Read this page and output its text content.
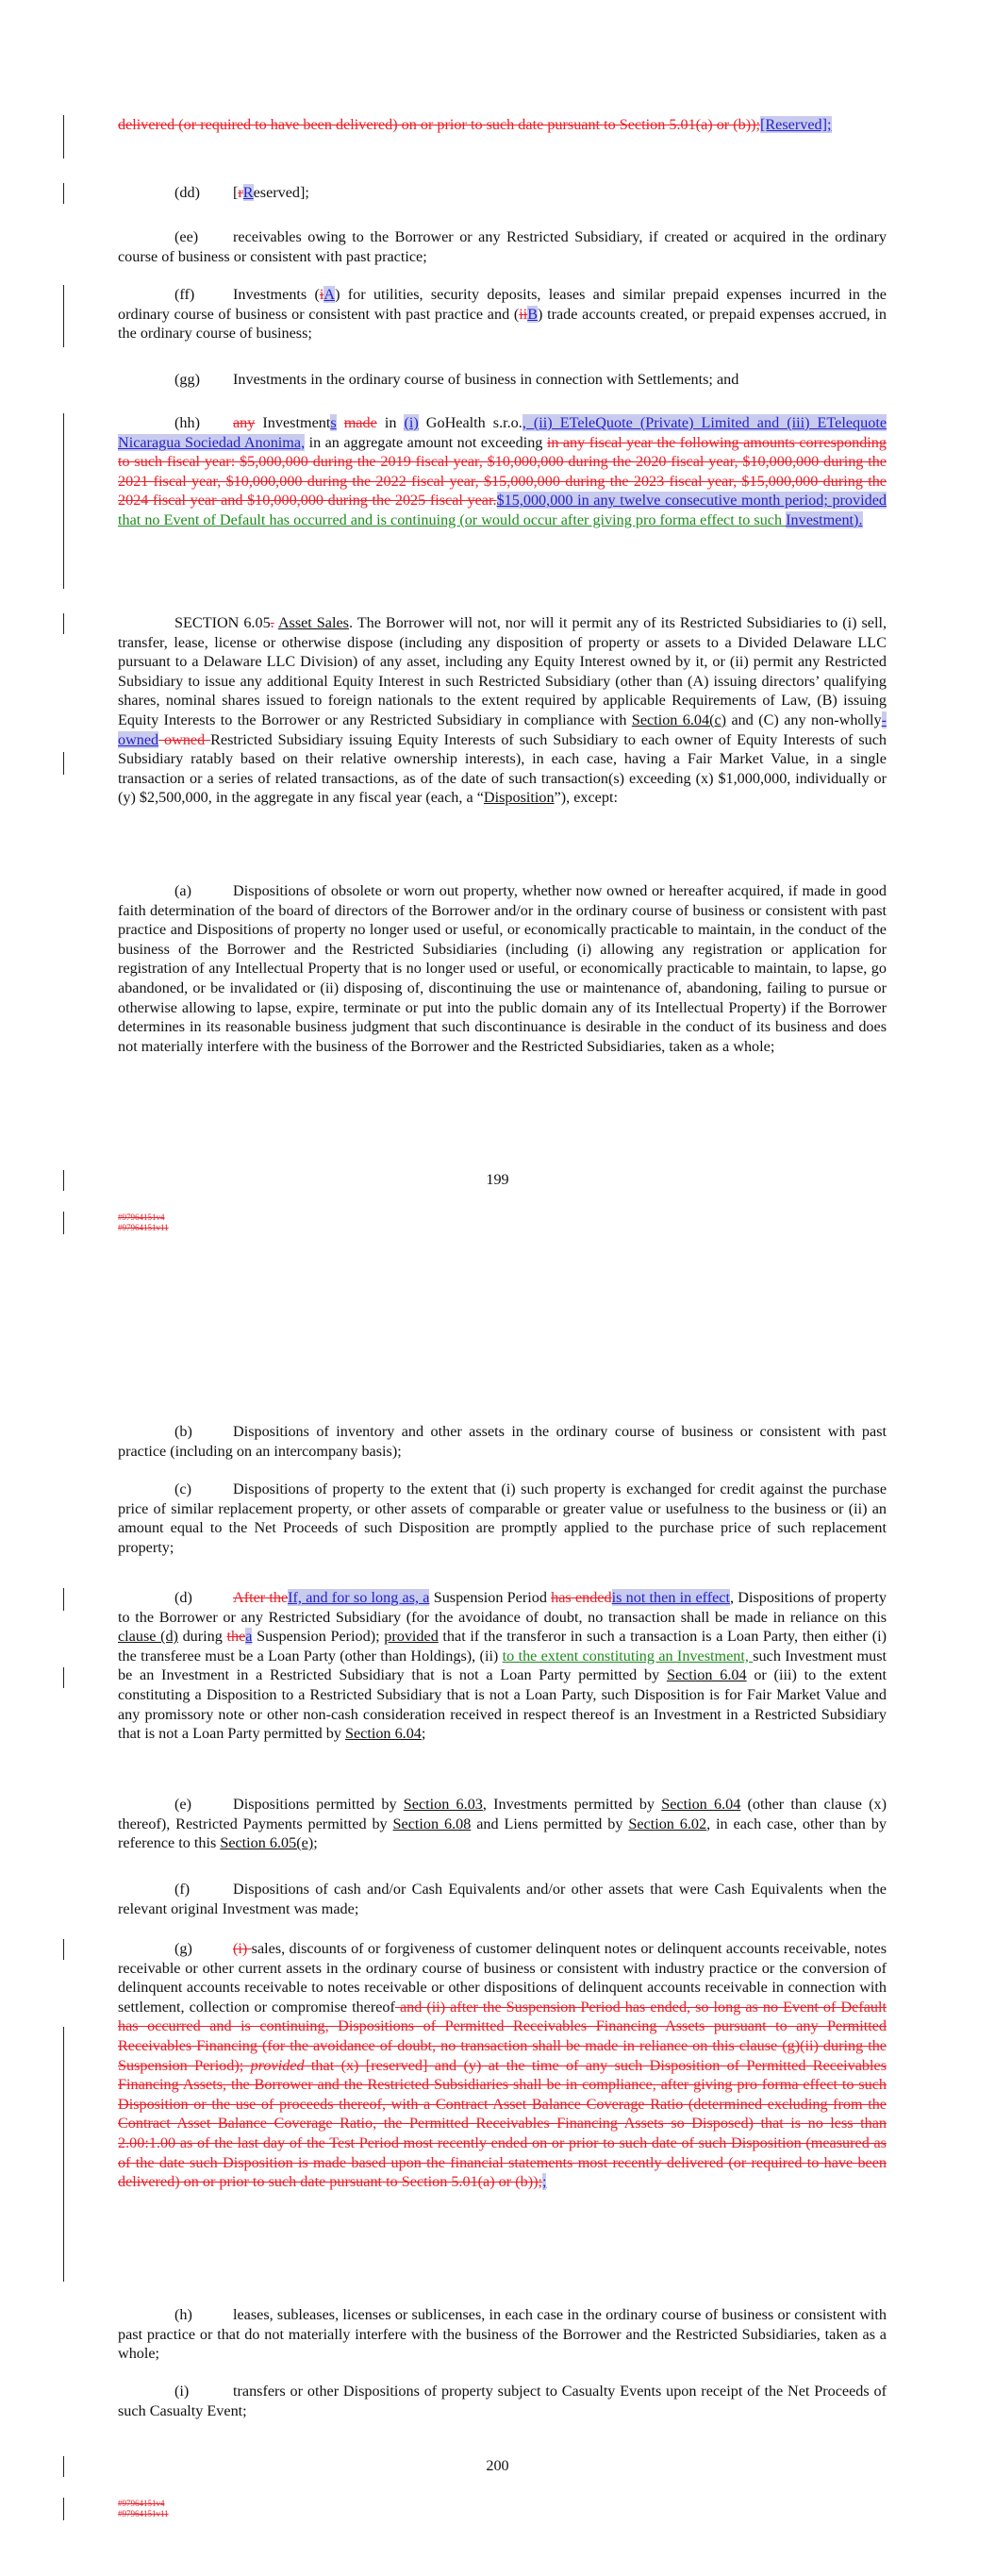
delivered (or required to have been delivered) on or prior to such date pursuant to Section 5.01(a) or (b));[Reserved];

(dd) [rReserved];

(ee) receivables owing to the Borrower or any Restricted Subsidiary, if created or acquired in the ordinary course of business or consistent with past practice;

(ff)	Investments (iA) for utilities, security deposits, leases and similar prepaid expenses incurred in the ordinary course of business or consistent with past practice and (iiB) trade accounts created, or prepaid expenses accrued, in the ordinary course of business;

(gg) Investments in the ordinary course of business in connection with Settlements; and

(hh) any Investments made in (i) GoHealth s.r.o., (ii) ETeleQuote (Private) Limited and (iii) ETelequote Nicaragua Sociedad Anonima, in an aggregate amount not exceeding in any fiscal year the following amounts corresponding to such fiscal year: $5,000,000 during the 2019 fiscal year, $10,000,000 during the 2020 fiscal year, $10,000,000 during the 2021 fiscal year, $10,000,000 during the 2022 fiscal year, $15,000,000 during the 2023 fiscal year, $15,000,000 during the 2024 fiscal year and $10,000,000 during the 2025 fiscal year.$15,000,000 in any twelve consecutive month period; provided that no Event of Default has occurred and is continuing (or would occur after giving pro forma effect to such Investment).

SECTION 6.05. Asset Sales. The Borrower will not, nor will it permit any of its Restricted Subsidiaries to (i) sell, transfer, lease, license or otherwise dispose (including any disposition of property or assets to a Divided Delaware LLC pursuant to a Delaware LLC Division) of any asset, including any Equity Interest owned by it, or (ii) permit any Restricted Subsidiary to issue any additional Equity Interest in such Restricted Subsidiary (other than (A) issuing directors’ qualifying shares, nominal shares issued to foreign nationals to the extent required by applicable Requirements of Law, (B) issuing Equity Interests to the Borrower or any Restricted Subsidiary in compliance with Section 6.04(c) and (C) any non-wholly-owned owned Restricted Subsidiary issuing Equity Interests of such Subsidiary to each owner of Equity Interests of such Subsidiary ratably based on their relative ownership interests), in each case, having a Fair Market Value, in a single transaction or a series of related transactions, as of the date of such transaction(s) exceeding (x) $1,000,000, individually or (y) $2,500,000, in the aggregate in any fiscal year (each, a “Disposition”), except:

(a)	Dispositions of obsolete or worn out property, whether now owned or hereafter acquired, if made in good faith determination of the board of directors of the Borrower and/or in the ordinary course of business or consistent with past practice and Dispositions of property no longer used or useful, or economically practicable to maintain, in the conduct of the business of the Borrower and the Restricted Subsidiaries (including (i) allowing any registration or application for registration of any Intellectual Property that is no longer used or useful, or economically practicable to maintain, to lapse, go abandoned, or be invalidated or (ii) disposing of, discontinuing the use or maintenance of, abandoning, failing to pursue or otherwise allowing to lapse, expire, terminate or put into the public domain any of its Intellectual Property) if the Borrower determines in its reasonable business judgment that such discontinuance is desirable in the conduct of its business and does not materially interfere with the business of the Borrower and the Restricted Subsidiaries, taken as a whole;

199
#97964151v4
#97964151v11

(b)	Dispositions of inventory and other assets in the ordinary course of business or consistent with past practice (including on an intercompany basis);

(c)	Dispositions of property to the extent that (i) such property is exchanged for credit against the purchase price of similar replacement property, or other assets of comparable or greater value or usefulness to the business or (ii) an amount equal to the Net Proceeds of such Disposition are promptly applied to the purchase price of such replacement property;

(d)	After theIf, and for so long as, a Suspension Period has endedis not then in effect, Dispositions of property to the Borrower or any Restricted Subsidiary (for the avoidance of doubt, no transaction shall be made in reliance on this clause (d) during thea Suspension Period); provided that if the transferor in such a transaction is a Loan Party, then either (i) the transferee must be a Loan Party (other than Holdings), (ii) to the extent constituting an Investment, such Investment must be an Investment in a Restricted Subsidiary that is not a Loan Party permitted by Section 6.04 or (iii) to the extent constituting a Disposition to a Restricted Subsidiary that is not a Loan Party, such Disposition is for Fair Market Value and any promissory note or other non-cash consideration received in respect thereof is an Investment in a Restricted Subsidiary that is not a Loan Party permitted by Section 6.04;

(e)	Dispositions permitted by Section 6.03, Investments permitted by Section 6.04 (other than clause (x) thereof), Restricted Payments permitted by Section 6.08 and Liens permitted by Section 6.02, in each case, other than by reference to this Section 6.05(e);

(f)	Dispositions of cash and/or Cash Equivalents and/or other assets that were Cash Equivalents when the relevant original Investment was made;

(g)	(i) sales, discounts of or forgiveness of customer delinquent notes or delinquent accounts receivable, notes receivable or other current assets in the ordinary course of business or consistent with industry practice or the conversion of delinquent accounts receivable to notes receivable or other dispositions of delinquent accounts receivable in connection with settlement, collection or compromise thereof and (ii) after the Suspension Period has ended, so long as no Event of Default has occurred and is continuing, Dispositions of Permitted Receivables Financing Assets pursuant to any Permitted Receivables Financing (for the avoidance of doubt, no transaction shall be made in reliance on this clause (g)(ii) during the Suspension Period); provided that (x) [reserved] and (y) at the time of any such Disposition of Permitted Receivables Financing Assets, the Borrower and the Restricted Subsidiaries shall be in compliance, after giving pro forma effect to such Disposition or the use of proceeds thereof, with a Contract Asset Balance Coverage Ratio (determined excluding from the Contract Asset Balance Coverage Ratio, the Permitted Receivables Financing Assets so Disposed) that is no less than 2.00:1.00 as of the last day of the Test Period most recently ended on or prior to such date of such Disposition (measured as of the date such Disposition is made based upon the financial statements most recently delivered (or required to have been delivered) on or prior to such date pursuant to Section 5.01(a) or (b));;

(h)	leases, subleases, licenses or sublicenses, in each case in the ordinary course of business or consistent with past practice or that do not materially interfere with the business of the Borrower and the Restricted Subsidiaries, taken as a whole;

(i)	transfers or other Dispositions of property subject to Casualty Events upon receipt of the Net Proceeds of such Casualty Event;

200
#97964151v4
#97964151v11
